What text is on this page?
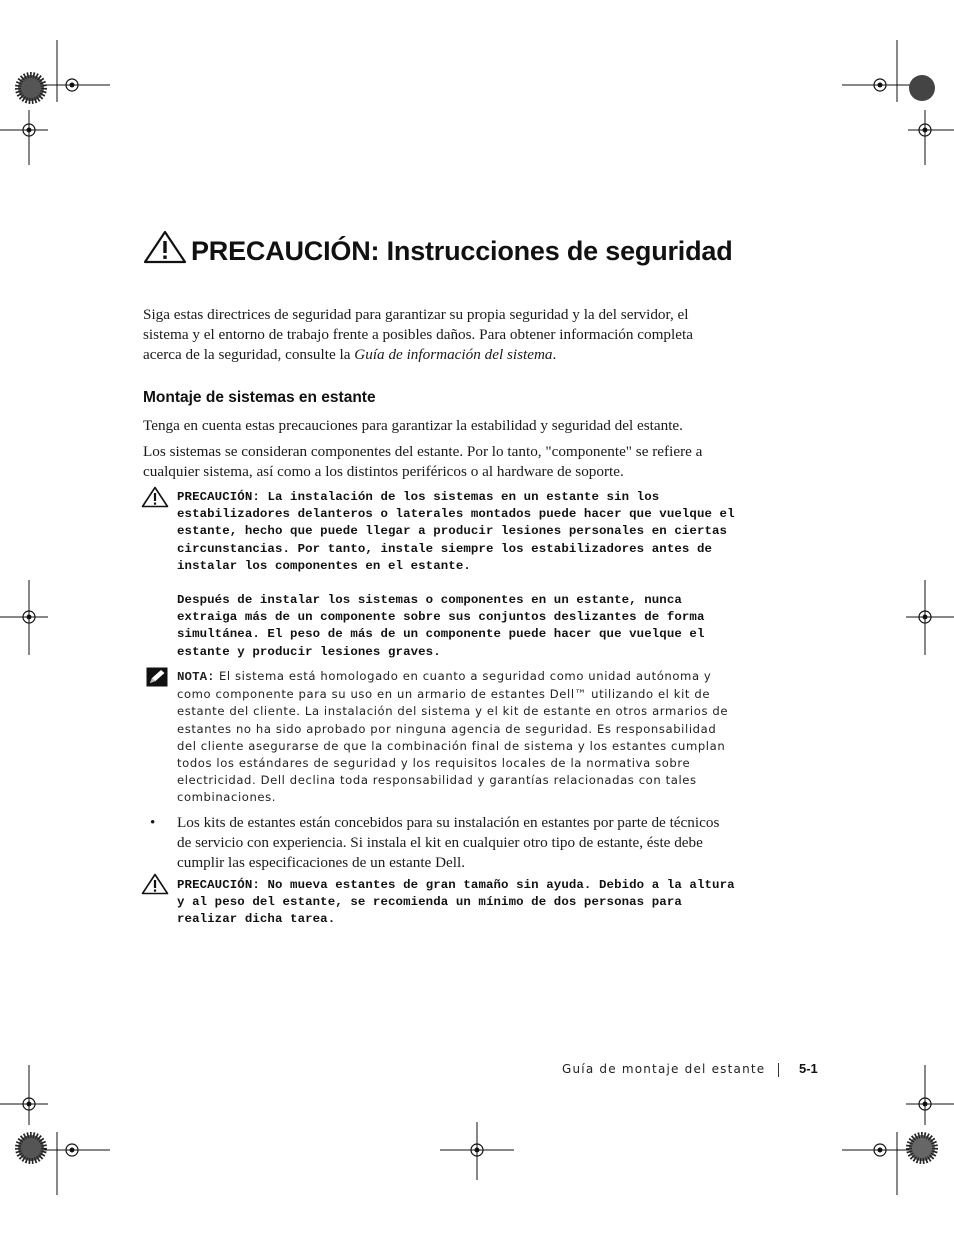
PRECAUCIÓN: Instrucciones de seguridad

Siga estas directrices de seguridad para garantizar su propia seguridad y la del servidor, el sistema y el entorno de trabajo frente a posibles daños. Para obtener información completa acerca de la seguridad, consulte la Guía de información del sistema.

Montaje de sistemas en estante

Tenga en cuenta estas precauciones para garantizar la estabilidad y seguridad del estante.

Los sistemas se consideran componentes del estante. Por lo tanto, "componente" se refiere a cualquier sistema, así como a los distintos periféricos o al hardware de soporte.

PRECAUCIÓN: La instalación de los sistemas en un estante sin los estabilizadores delanteros o laterales montados puede hacer que vuelque el estante, hecho que puede llegar a producir lesiones personales en ciertas circunstancias. Por tanto, instale siempre los estabilizadores antes de instalar los componentes en el estante.

Después de instalar los sistemas o componentes en un estante, nunca extraiga más de un componente sobre sus conjuntos deslizantes de forma simultánea. El peso de más de un componente puede hacer que vuelque el estante y producir lesiones graves.

NOTA: El sistema está homologado en cuanto a seguridad como unidad autónoma y como componente para su uso en un armario de estantes Dell™ utilizando el kit de estante del cliente. La instalación del sistema y el kit de estante en otros armarios de estantes no ha sido aprobado por ninguna agencia de seguridad. Es responsabilidad del cliente asegurarse de que la combinación final de sistema y los estantes cumplan todos los estándares de seguridad y los requisitos locales de la normativa sobre electricidad. Dell declina toda responsabilidad y garantías relacionadas con tales combinaciones.

• Los kits de estantes están concebidos para su instalación en estantes por parte de técnicos de servicio con experiencia. Si instala el kit en cualquier otro tipo de estante, éste debe cumplir las especificaciones de un estante Dell.

PRECAUCIÓN: No mueva estantes de gran tamaño sin ayuda. Debido a la altura y al peso del estante, se recomienda un mínimo de dos personas para realizar dicha tarea.

Guía de montaje del estante	5-1
